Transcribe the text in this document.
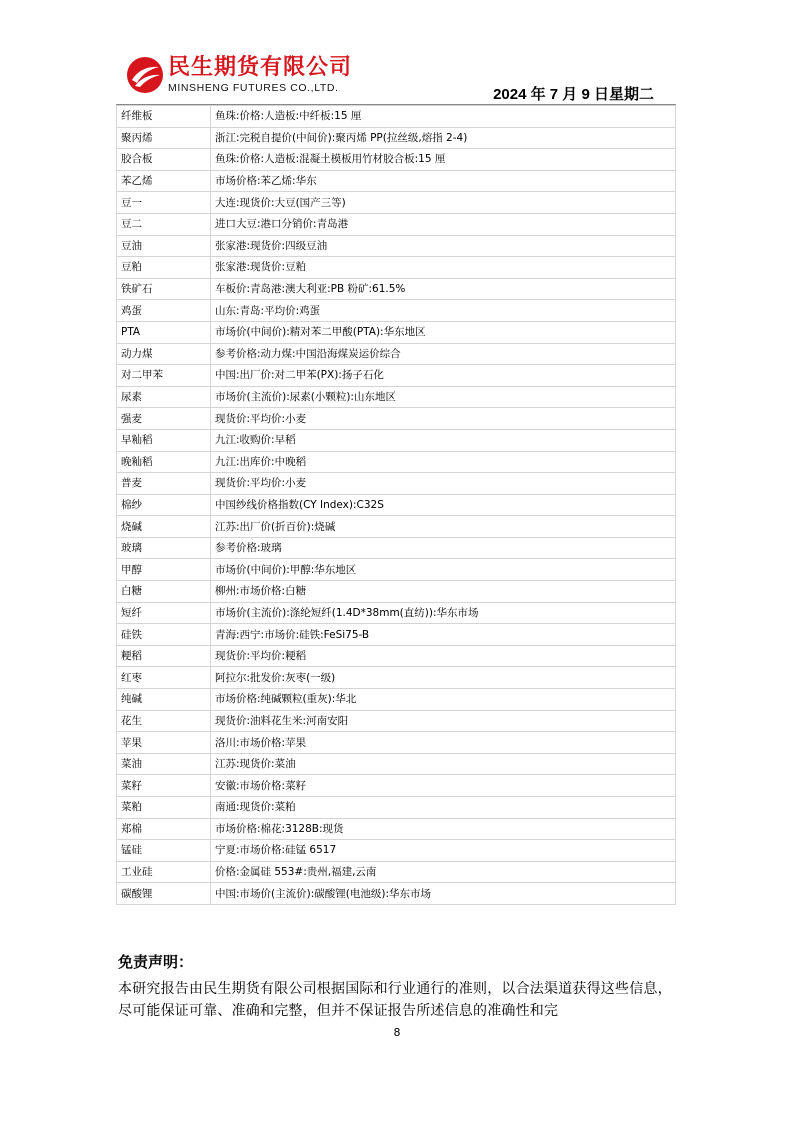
民生期货有限公司
MINSHENG FUTURES CO.,LTD.	2024 年 7 月 9 日星期二
纤维板	鱼珠:价格:人造板:中纤板:15 厘
聚丙烯	浙江:完税自提价(中间价):聚丙烯 PP(拉丝级,熔指 2-4)
胶合板	鱼珠:价格:人造板:混凝土模板用竹材胶合板:15 厘
苯乙烯	市场价格:苯乙烯:华东
豆一	大连:现货价:大豆(国产三等)
豆二	进口大豆:港口分销价:青岛港
豆油	张家港:现货价:四级豆油
豆粕	张家港:现货价:豆粕
铁矿石	车板价:青岛港:澳大利亚:PB 粉矿:61.5%
鸡蛋	山东:青岛:平均价:鸡蛋
PTA	市场价(中间价):精对苯二甲酸(PTA):华东地区
动力煤	参考价格:动力煤:中国沿海煤炭运价综合
对二甲苯	中国:出厂价:对二甲苯(PX):扬子石化
尿素	市场价(主流价):尿素(小颗粒):山东地区
强麦	现货价:平均价:小麦
早籼稻	九江:收购价:早稻
晚籼稻	九江:出库价:中晚稻
普麦	现货价:平均价:小麦
棉纱	中国纱线价格指数(CY Index):C32S
烧碱	江苏:出厂价(折百价):烧碱
玻璃	参考价格:玻璃
甲醇	市场价(中间价):甲醇:华东地区
白糖	柳州:市场价格:白糖
短纤	市场价(主流价):涤纶短纤(1.4D*38mm(直纺)):华东市场
硅铁	青海:西宁:市场价:硅铁:FeSi75-B
粳稻	现货价:平均价:粳稻
红枣	阿拉尔:批发价:灰枣(一级)
纯碱	市场价格:纯碱颗粒(重灰):华北
花生	现货价:油料花生米:河南安阳
苹果	洛川:市场价格:苹果
菜油	江苏:现货价:菜油
菜籽	安徽:市场价格:菜籽
菜粕	南通:现货价:菜粕
郑棉	市场价格:棉花:3128B:现货
锰硅	宁夏:市场价格:硅锰 6517
工业硅	价格:金属硅 553#:贵州,福建,云南
碳酸锂	中国:市场价(主流价):碳酸锂(电池级):华东市场

免责声明：

本研究报告由民生期货有限公司根据国际和行业通行的准则，以合法渠道获得这些信息，尽可能保证可靠、准确和完整，但并不保证报告所述信息的准确性和完

8
